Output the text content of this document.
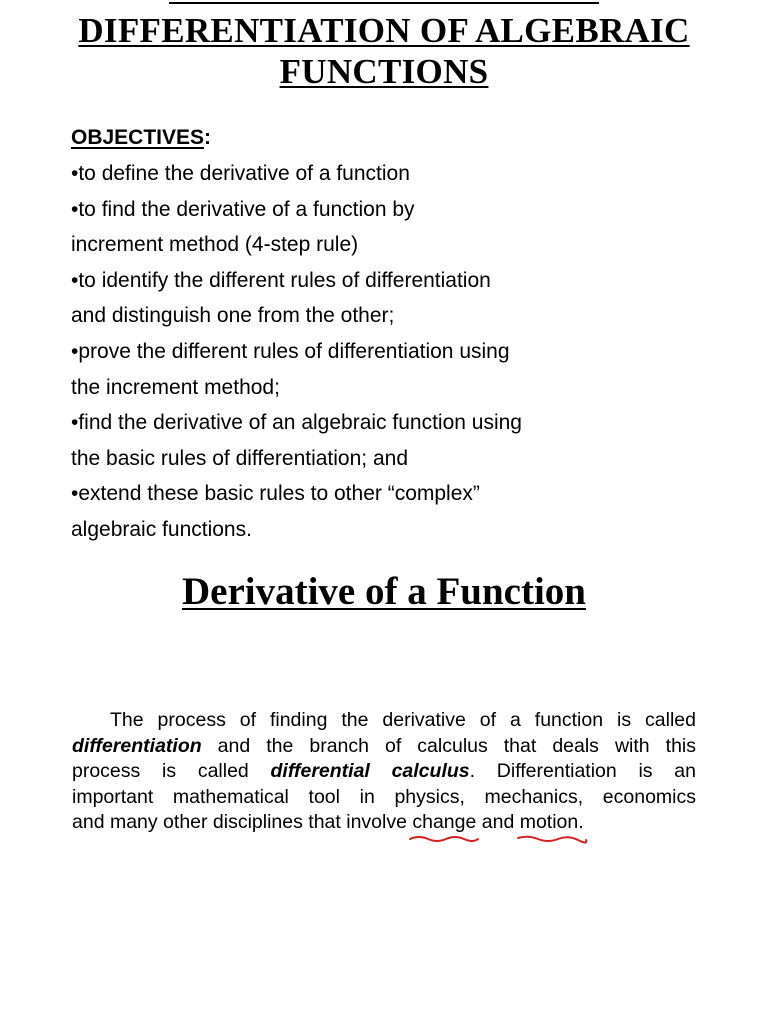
DIFFERENTIATION OF ALGEBRAIC
FUNCTIONS

OBJECTIVES:

•to define the derivative of a function
•to find the derivative of a function by
increment method (4-step rule)
•to identify the different rules of differentiation
and distinguish one from the other;
•prove the different rules of differentiation using
the increment method;
•find the derivative of an algebraic function using
the basic rules of differentiation; and
•extend these basic rules to other “complex”
algebraic functions.
Derivative of a Function
The process of finding the derivative of a function is called
differentiation and the branch of calculus that deals with this
process is called differential calculus. Differentiation is an
important mathematical tool in physics, mechanics, economics
and many other disciplines that involve change
and motion
.
